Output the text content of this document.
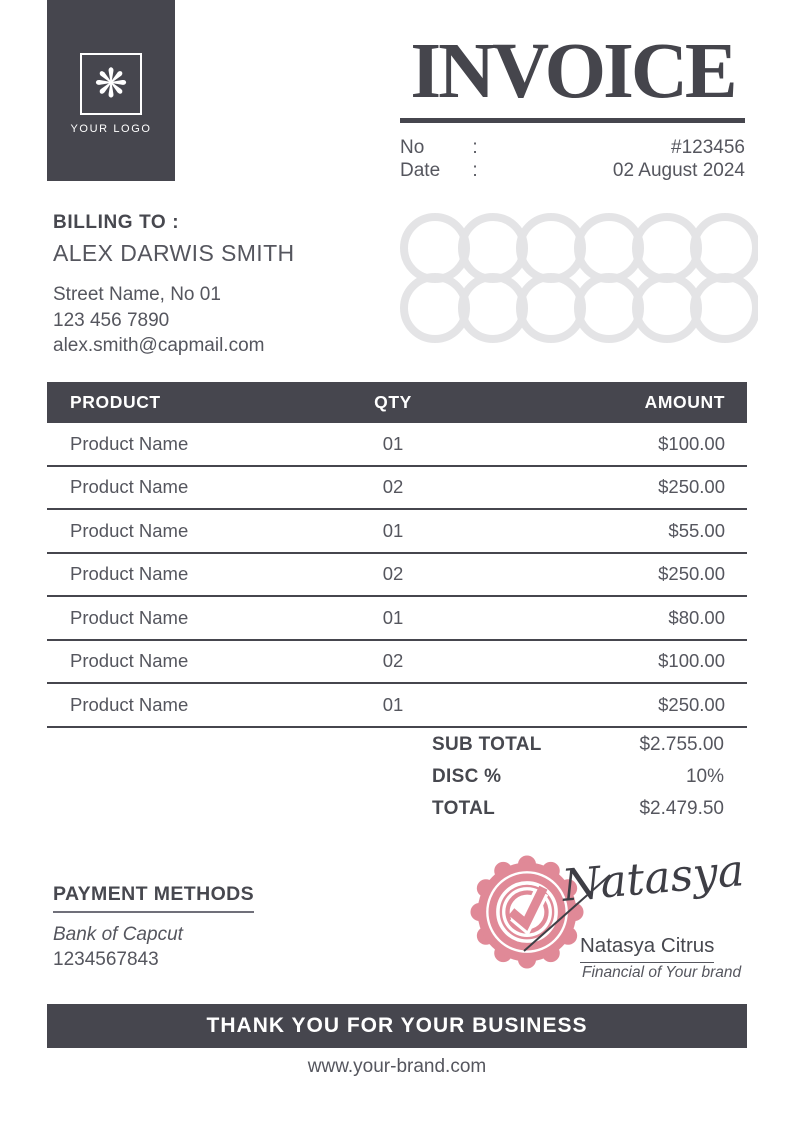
❋
YOUR LOGO
INVOICE
No	:	#123456
Date	:	02 August 2024
BILLING TO :
ALEX DARWIS SMITH
Street Name, No 01
123 456 7890
alex.smith@capmail.com
PRODUCT	QTY	AMOUNT
Product Name	01	$100.00
Product Name	02	$250.00
Product Name	01	$55.00
Product Name	02	$250.00
Product Name	01	$80.00
Product Name	02	$100.00
Product Name	01	$250.00
SUB TOTAL	$2.755.00
DISC %	10%
TOTAL	$2.479.50
PAYMENT METHODS
Bank of Capcut
1234567843
Natasya
Natasya Citrus
Financial of Your brand
THANK YOU FOR YOUR BUSINESS
www.your-brand.com
